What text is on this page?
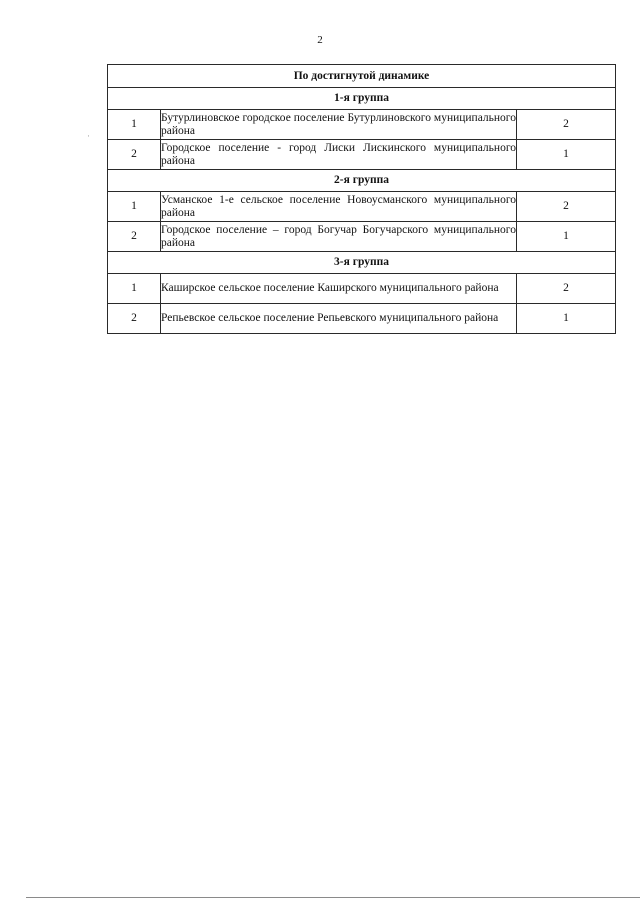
2
·
По достигнутой динамике		
1-я группа		
1	Бутурлиновское городское поселение Бутурлиновского муниципального района	2
2	Городское поселение - город Лиски Лискинского муниципального района	1
2-я группа		
1	Усманское 1-е сельское поселение Новоусманского муниципального района	2
2	Городское поселение – город Богучар Богучарского муниципального района	1
3-я группа		
1	Каширское сельское поселение Каширского муниципального района	2
2	Репьевское сельское поселение Репьевского муниципального района	1
